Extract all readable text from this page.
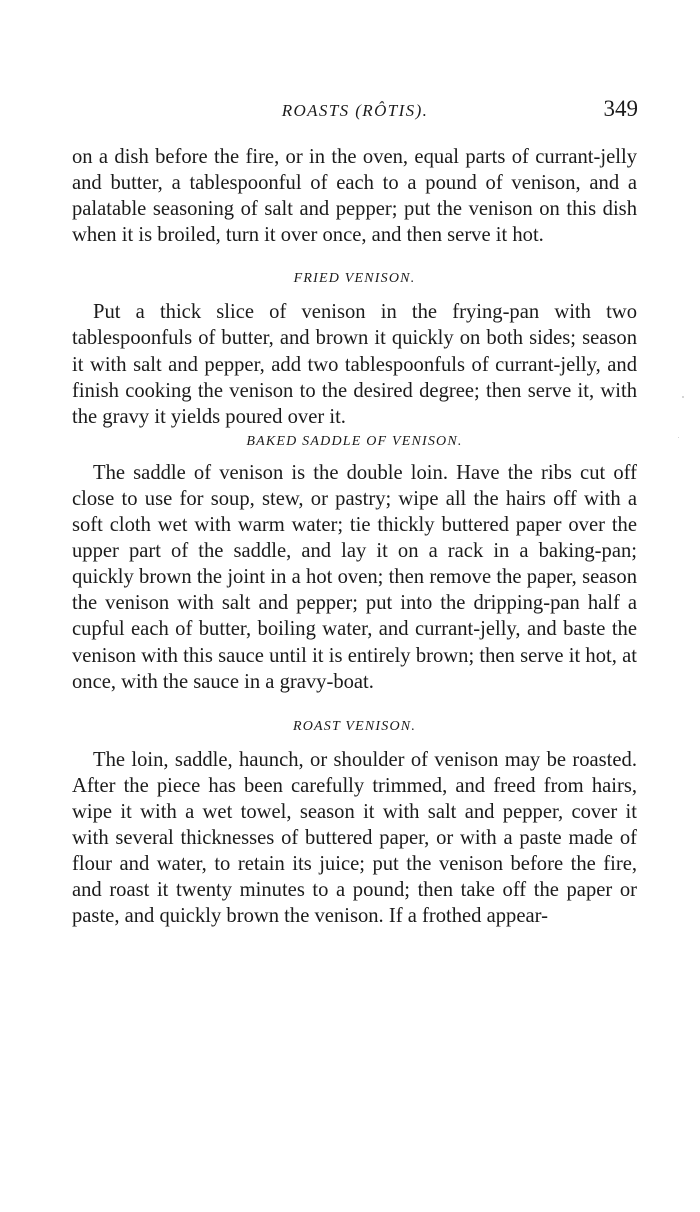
ROASTS (RÔTIS).	349

on a dish before the fire, or in the oven, equal parts of currant-jelly and butter, a tablespoonful of each to a pound of venison, and a palatable seasoning of salt and pepper; put the venison on this dish when it is broiled, turn it over once, and then serve it hot.

FRIED VENISON.

Put a thick slice of venison in the frying-pan with two tablespoonfuls of butter, and brown it quickly on both sides; season it with salt and pepper, add two tablespoonfuls of currant-jelly, and finish cooking the venison to the desired degree; then serve it, with the gravy it yields poured over it.

BAKED SADDLE OF VENISON.

The saddle of venison is the double loin. Have the ribs cut off close to use for soup, stew, or pastry; wipe all the hairs off with a soft cloth wet with warm water; tie thickly buttered paper over the upper part of the saddle, and lay it on a rack in a baking-pan; quickly brown the joint in a hot oven; then remove the paper, season the venison with salt and pepper; put into the dripping-pan half a cupful each of butter, boiling water, and currant-jelly, and baste the venison with this sauce until it is entirely brown; then serve it hot, at once, with the sauce in a gravy-boat.

ROAST VENISON.

The loin, saddle, haunch, or shoulder of venison may be roasted. After the piece has been carefully trimmed, and freed from hairs, wipe it with a wet towel, season it with salt and pepper, cover it with several thicknesses of buttered paper, or with a paste made of flour and water, to retain its juice; put the venison before the fire, and roast it twenty minutes to a pound; then take off the paper or paste, and quickly brown the venison. If a frothed appear-
